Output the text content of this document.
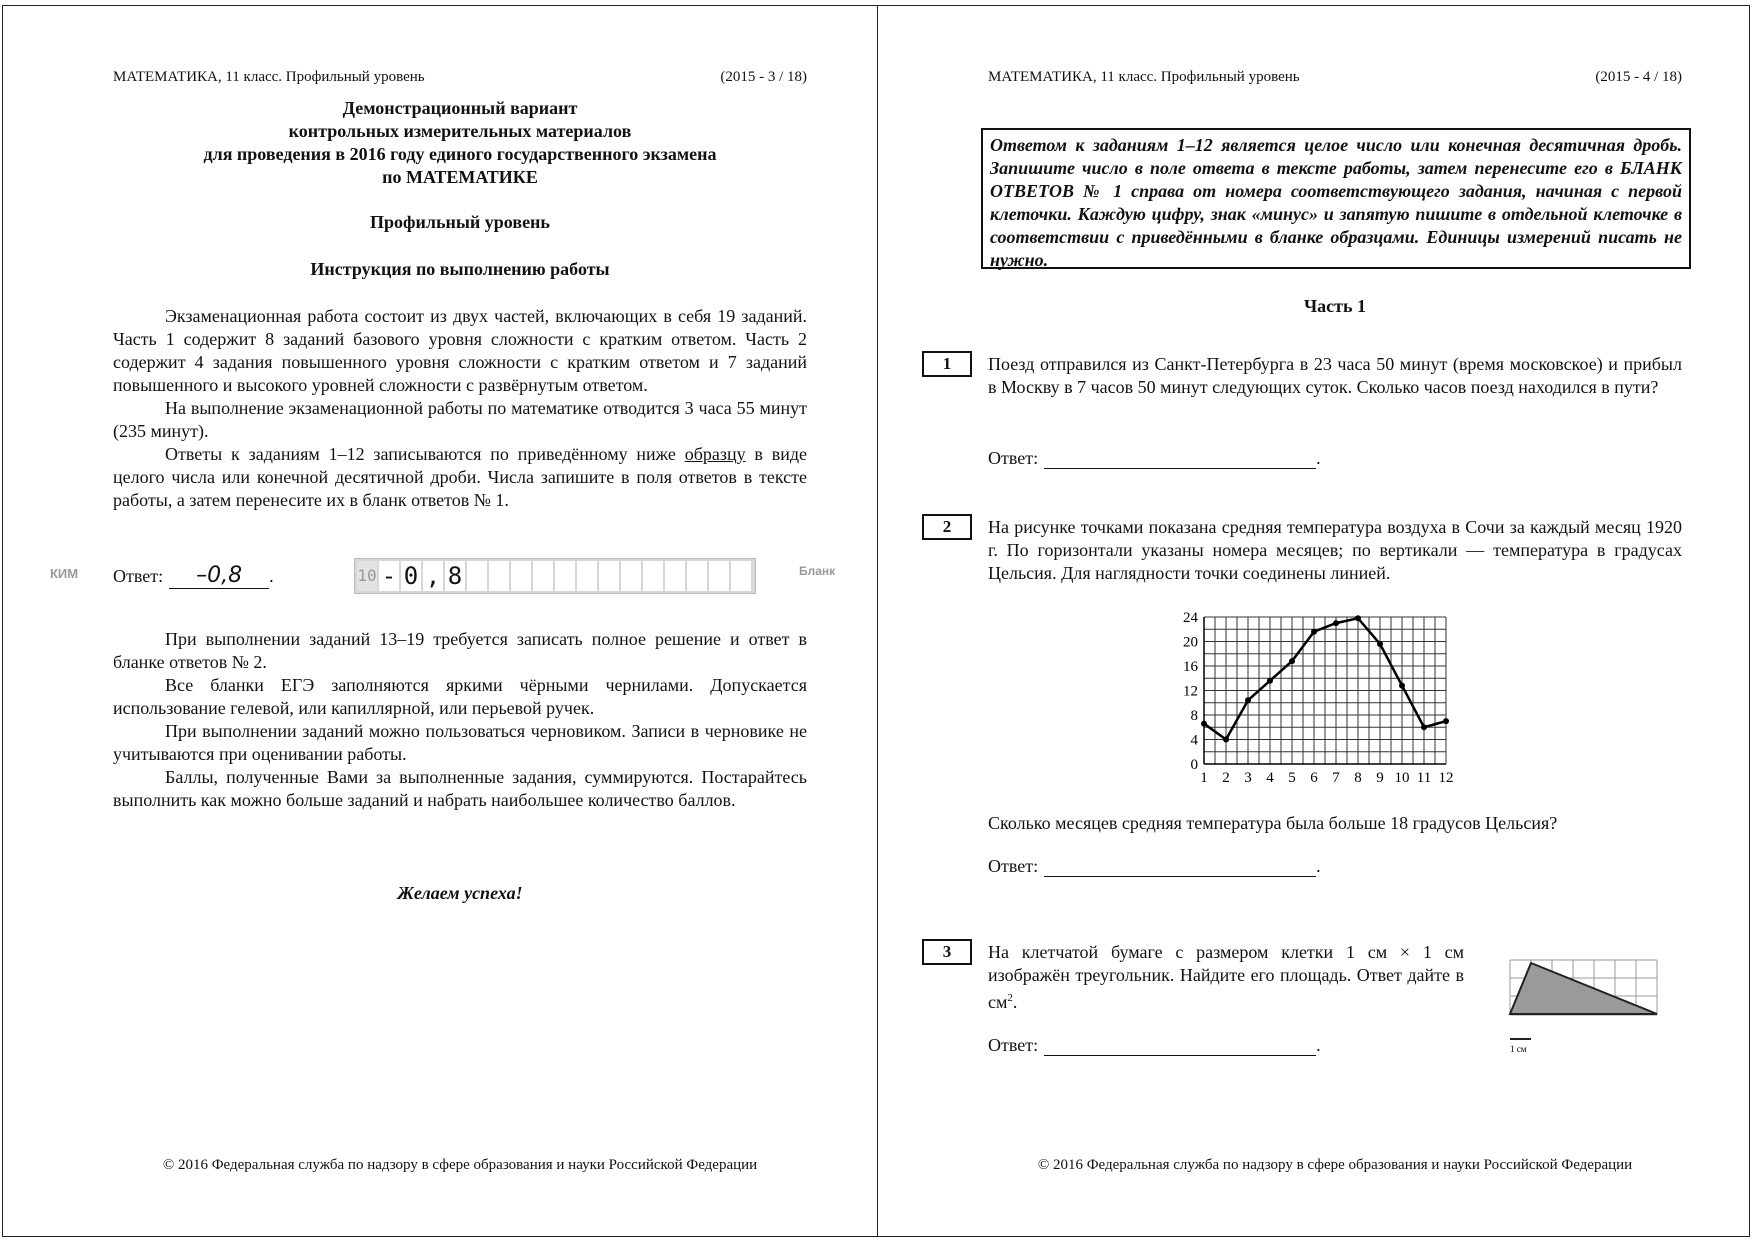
МАТЕМАТИКА, 11 класс. Профильный уровень	(2015 - 3 / 18)
Демонстрационный вариант
контрольных измерительных материалов
для проведения в 2016 году единого государственного экзамена
по МАТЕМАТИКЕ
Профильный уровень
Инструкция по выполнению работы

Экзаменационная работа состоит из двух частей, включающих в себя 19 заданий. Часть 1 содержит 8 заданий базового уровня сложности с кратким ответом. Часть 2 содержит 4 задания повышенного уровня сложности с кратким ответом и 7 заданий повышенного и высокого уровней сложности с развёрнутым ответом.

На выполнение экзаменационной работы по математике отводится 3 часа 55 минут (235 минут).

Ответы к заданиям 1–12 записываются по приведённому ниже образцу в виде целого числа или конечной десятичной дроби. Числа запишите в поля ответов в тексте работы, а затем перенесите их в бланк ответов № 1.

При выполнении заданий 13–19 требуется записать полное решение и ответ в бланке ответов № 2.

Все бланки ЕГЭ заполняются яркими чёрными чернилами. Допускается использование гелевой, или капиллярной, или перьевой ручек.

При выполнении заданий можно пользоваться черновиком. Записи в черновике не учитываются при оценивании работы.

Баллы, полученные Вами за выполненные задания, суммируются. Постарайтесь выполнить как можно больше заданий и набрать наибольшее количество баллов.

Желаем успеха!
© 2016 Федеральная служба по надзору в сфере образования и науки Российской Федерации
КИМ Ответ: –0,8 .	10 - 0 , 8	Бланк
МАТЕМАТИКА, 11 класс. Профильный уровень	(2015 - 4 / 18)
Часть 1
Поезд отправился из Санкт-Петербурга в 23 часа 50 минут (время московское) и прибыл в Москву в 7 часов 50 минут следующих суток. Сколько часов поезд находился в пути?
Ответ:	.
На рисунке точками показана средняя температура воздуха в Сочи за каждый месяц 1920 г. По горизонтали указаны номера месяцев; по вертикали — температура в градусах Цельсия. Для наглядности точки соединены линией.
Сколько месяцев средняя температура была больше 18 градусов Цельсия?
Ответ:	.
На клетчатой бумаге с размером клетки 1 см × 1 см изображён треугольник. Найдите его площадь. Ответ дайте в $см^2$.
Ответ:	.
© 2016 Федеральная служба по надзору в сфере образования и науки Российской Федерации
Ответом к заданиям 1–12 является целое число или конечная десятичная дробь. Запишите число в поле ответа в тексте работы, затем перенесите его в БЛАНК ОТВЕТОВ № 1 справа от номера соответствующего задания, начиная с первой клеточки. Каждую цифру, знак «минус» и запятую пишите в отдельной клеточке в соответствии с приведёнными в бланке образцами. Единицы измерений писать не нужно.
1
2
3
1 2 3 4 5 6 7 8 9 10 11 12
0
4
8
12
16
20
24
1 см
